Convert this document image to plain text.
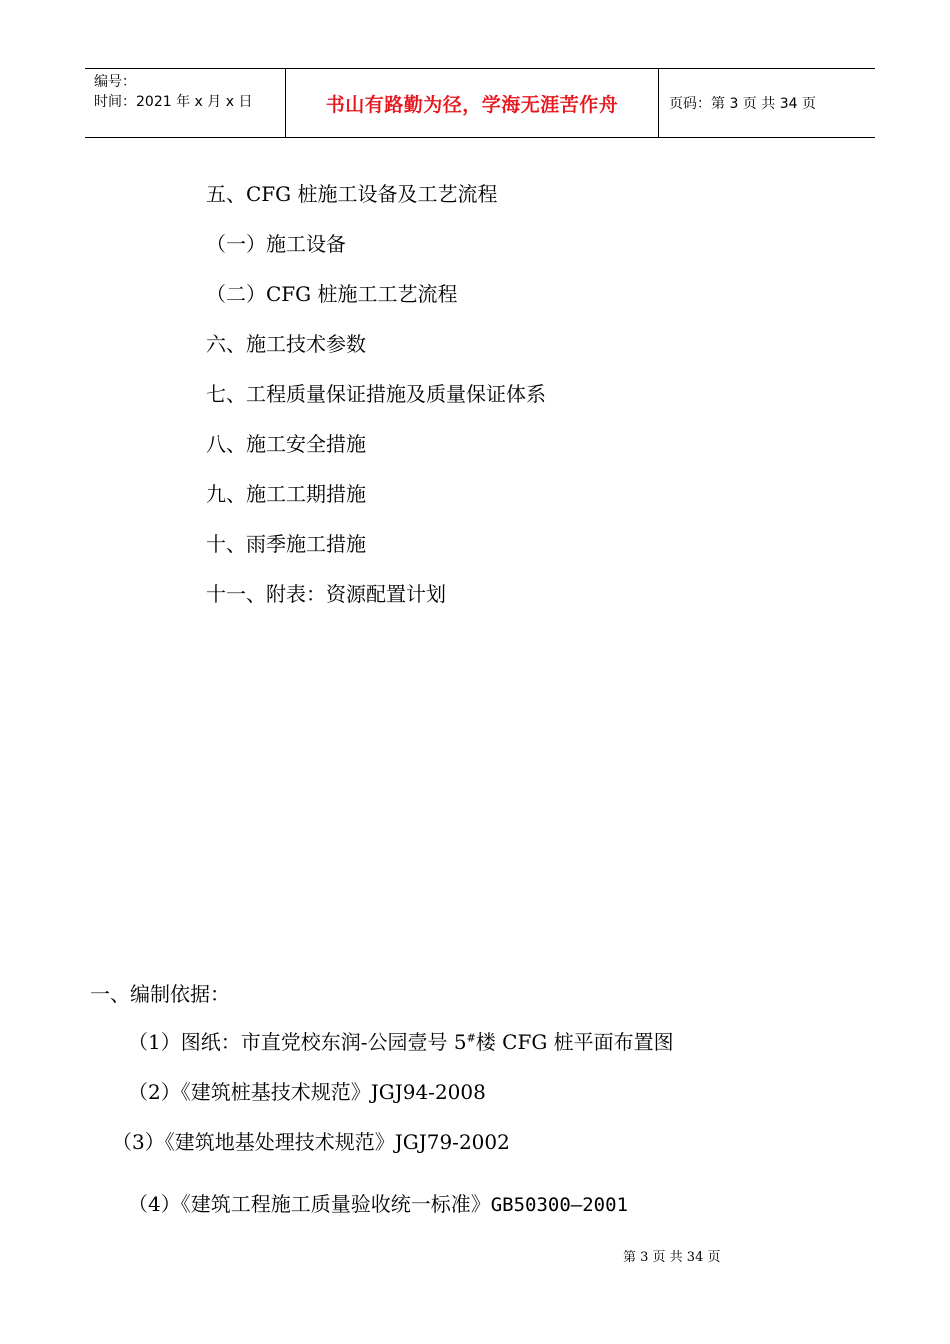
编号：
时间：2021 年 x 月 x 日	书山有路勤为径，学海无涯苦作舟	页码：第 3 页 共 34 页
五、CFG 桩施工设备及工艺流程
（一）施工设备
（二）CFG 桩施工工艺流程
六、施工技术参数
七、工程质量保证措施及质量保证体系
八、施工安全措施
九、施工工期措施
十、雨季施工措施
十一、附表：资源配置计划
一、编制依据：
（1）图纸：市直党校东润-公园壹号 5#楼 CFG 桩平面布置图
（2）《建筑桩基技术规范》JGJ94-2008
（3）《建筑地基处理技术规范》JGJ79-2002
（4）《建筑工程施工质量验收统一标准》GB50300—2001
第 3 页 共 34 页
